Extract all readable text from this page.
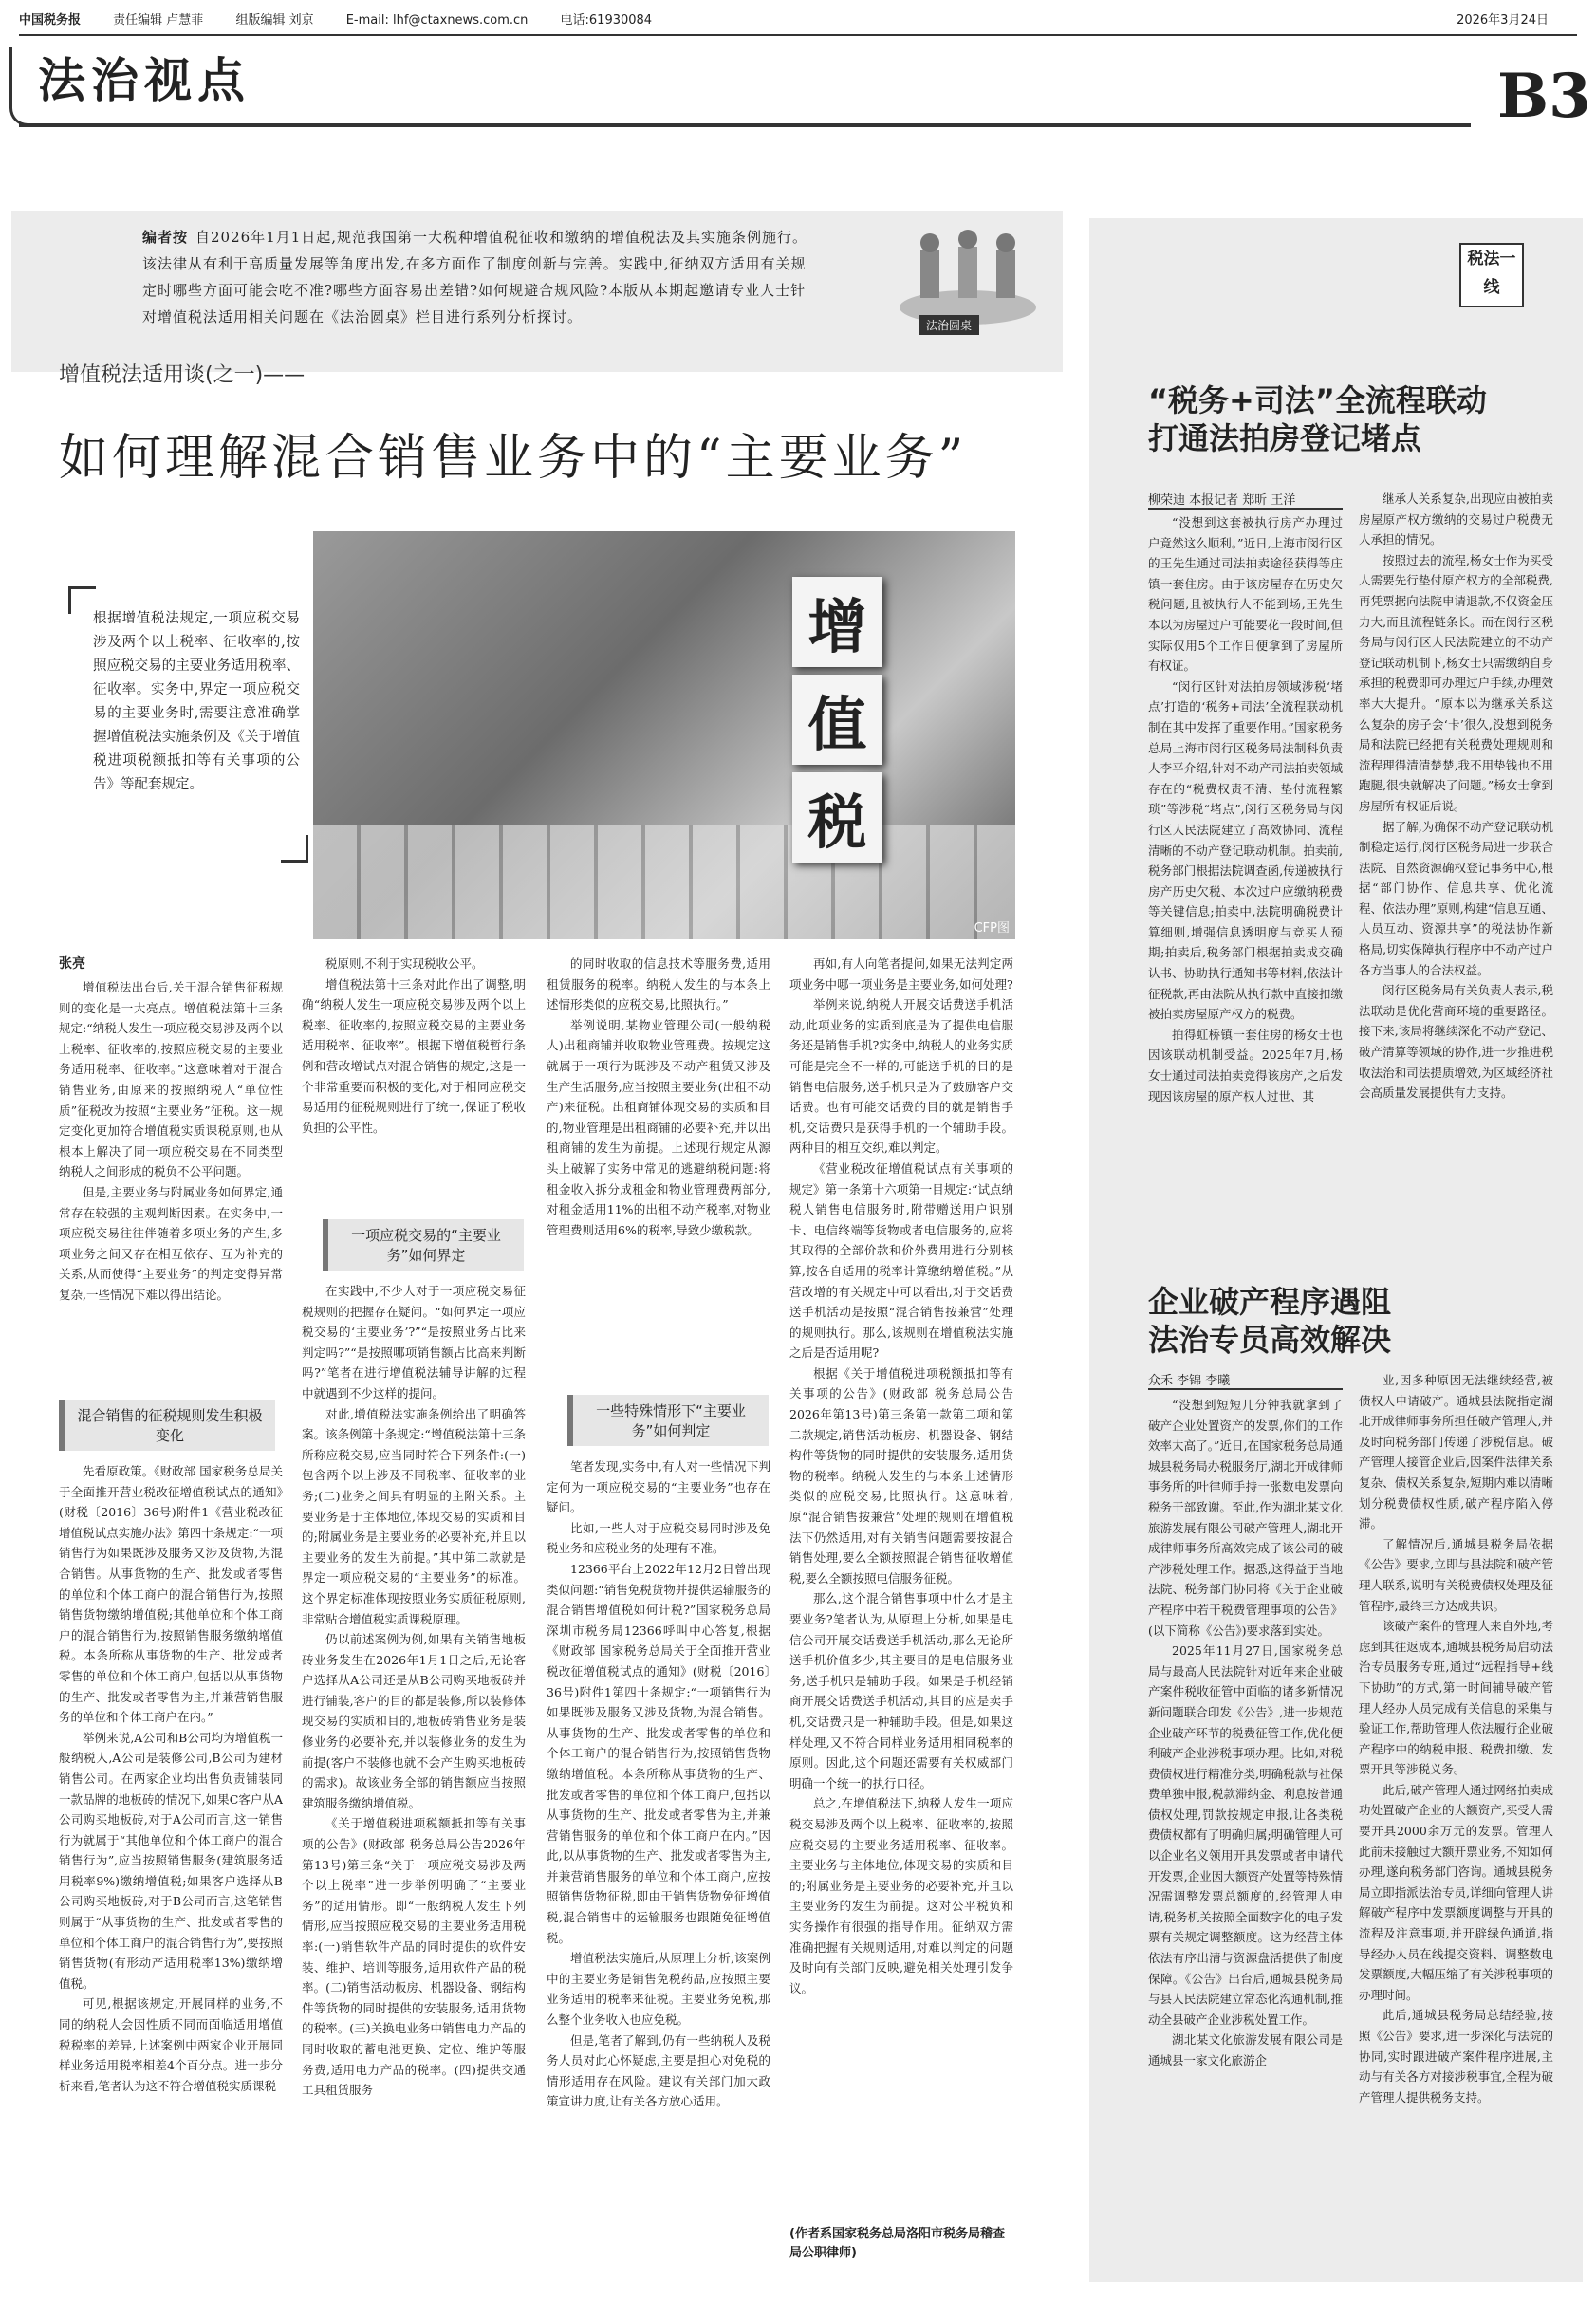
中国税务报	责任编辑 卢慧菲	组版编辑 刘京	E-mail: lhf@ctaxnews.com.cn	电话:61930084	2026年3月24日
法治视点	B3
编者按 自2026年1月1日起,规范我国第一大税种增值税征收和缴纳的增值税法及其实施条例施行。该法律从有利于高质量发展等角度出发,在多方面作了制度创新与完善。实践中,征纳双方适用有关规定时哪些方面可能会吃不准?哪些方面容易出差错?如何规避合规风险?本版从本期起邀请专业人士针对增值税法适用相关问题在《法治圆桌》栏目进行系列分析探讨。	法治圆桌
增值税法适用谈(之一)——
如何理解混合销售业务中的“主要业务”
根据增值税法规定,一项应税交易涉及两个以上税率、征收率的,按照应税交易的主要业务适用税率、征收率。实务中,界定一项应税交易的主要业务时,需要注意准确掌握增值税法实施条例及《关于增值税进项税额抵扣等有关事项的公告》等配套规定。
增
值
税
CFP图
张亮

增值税法出台后,关于混合销售征税规则的变化是一大亮点。增值税法第十三条规定:“纳税人发生一项应税交易涉及两个以上税率、征收率的,按照应税交易的主要业务适用税率、征收率。”这意味着对于混合销售业务,由原来的按照纳税人“单位性质”征税改为按照“主要业务”征税。这一规定变化更加符合增值税实质课税原则,也从根本上解决了同一项应税交易在不同类型纳税人之间形成的税负不公平问题。

但是,主要业务与附属业务如何界定,通常存在较强的主观判断因素。在实务中,一项应税交易往往伴随着多项业务的产生,多项业务之间又存在相互依存、互为补充的关系,从而使得“主要业务”的判定变得异常复杂,一些情况下难以得出结论。

混合销售的征税规则发生积极变化

先看原政策。《财政部 国家税务总局关于全面推开营业税改征增值税试点的通知》(财税〔2016〕36号)附件1《营业税改征增值税试点实施办法》第四十条规定:“一项销售行为如果既涉及服务又涉及货物,为混合销售。从事货物的生产、批发或者零售的单位和个体工商户的混合销售行为,按照销售货物缴纳增值税;其他单位和个体工商户的混合销售行为,按照销售服务缴纳增值税。本条所称从事货物的生产、批发或者零售的单位和个体工商户,包括以从事货物的生产、批发或者零售为主,并兼营销售服务的单位和个体工商户在内。”

举例来说,A公司和B公司均为增值税一般纳税人,A公司是装修公司,B公司为建材销售公司。在两家企业均出售负责铺装同一款品牌的地板砖的情况下,如果C客户从A公司购买地板砖,对于A公司而言,这一销售行为就属于“其他单位和个体工商户的混合销售行为”,应当按照销售服务(建筑服务适用税率9%)缴纳增值税;如果客户选择从B公司购买地板砖,对于B公司而言,这笔销售则属于“从事货物的生产、批发或者零售的单位和个体工商户的混合销售行为”,要按照销售货物(有形动产适用税率13%)缴纳增值税。

可见,根据该规定,开展同样的业务,不同的纳税人会因性质不同而面临适用增值税税率的差异,上述案例中两家企业开展同样业务适用税率相差4个百分点。进一步分析来看,笔者认为这不符合增值税实质课税

税原则,不利于实现税收公平。

增值税法第十三条对此作出了调整,明确“纳税人发生一项应税交易涉及两个以上税率、征收率的,按照应税交易的主要业务适用税率、征收率”。根据下增值税暂行条例和营改增试点对混合销售的规定,这是一个非常重要而积极的变化,对于相同应税交易适用的征税规则进行了统一,保证了税收负担的公平性。

一项应税交易的“主要业务”如何界定

在实践中,不少人对于一项应税交易征税规则的把握存在疑问。“如何界定一项应税交易的‘主要业务’?”“是按照业务占比来判定吗?”“是按照哪项销售额占比高来判断吗?”笔者在进行增值税法辅导讲解的过程中就遇到不少这样的提问。

对此,增值税法实施条例给出了明确答案。该条例第十条规定:“增值税法第十三条所称应税交易,应当同时符合下列条件:(一)包含两个以上涉及不同税率、征收率的业务;(二)业务之间具有明显的主附关系。主要业务是于主体地位,体现交易的实质和目的;附属业务是主要业务的必要补充,并且以主要业务的发生为前提。”其中第二款就是界定一项应税交易的“主要业务”的标准。这个界定标准体现按照业务实质征税原则,非常贴合增值税实质课税原理。

仍以前述案例为例,如果有关销售地板砖业务发生在2026年1月1日之后,无论客户选择从A公司还是从B公司购买地板砖并进行铺装,客户的目的都是装修,所以装修体现交易的实质和目的,地板砖销售业务是装修业务的必要补充,并以装修业务的发生为前提(客户不装修也就不会产生购买地板砖的需求)。故该业务全部的销售额应当按照建筑服务缴纳增值税。

《关于增值税进项税额抵扣等有关事项的公告》(财政部 税务总局公告2026年第13号)第三条“关于一项应税交易涉及两个以上税率”进一步举例明确了“主要业务”的适用情形。即“一般纳税人发生下列情形,应当按照应税交易的主要业务适用税率:(一)销售软件产品的同时提供的软件安装、维护、培训等服务,适用软件产品的税率。(二)销售活动板房、机器设备、钢结构件等货物的同时提供的安装服务,适用货物的税率。(三)关换电业务中销售电力产品的同时收取的蓄电池更换、定位、维护等服务费,适用电力产品的税率。(四)提供交通工具租赁服务

的同时收取的信息技术等服务费,适用租赁服务的税率。纳税人发生的与本条上述情形类似的应税交易,比照执行。”

举例说明,某物业管理公司(一般纳税人)出租商铺并收取物业管理费。按规定这就属于一项行为既涉及不动产租赁又涉及生产生活服务,应当按照主要业务(出租不动产)来征税。出租商铺体现交易的实质和目的,物业管理是出租商铺的必要补充,并以出租商铺的发生为前提。上述现行规定从源头上破解了实务中常见的逃避纳税问题:将租金收入拆分成租金和物业管理费两部分,对租金适用11%的出租不动产税率,对物业管理费则适用6%的税率,导致少缴税款。

一些特殊情形下“主要业务”如何判定

笔者发现,实务中,有人对一些情况下判定何为一项应税交易的“主要业务”也存在疑问。

比如,一些人对于应税交易同时涉及免税业务和应税业务的处理有不准。

12366平台上2022年12月2日曾出现类似问题:“销售免税货物并提供运输服务的混合销售增值税如何计税?”国家税务总局深圳市税务局12366呼叫中心答复,根据《财政部 国家税务总局关于全面推开营业税改征增值税试点的通知》(财税〔2016〕36号)附件1第四十条规定:“一项销售行为如果既涉及服务又涉及货物,为混合销售。从事货物的生产、批发或者零售的单位和个体工商户的混合销售行为,按照销售货物缴纳增值税。本条所称从事货物的生产、批发或者零售的单位和个体工商户,包括以从事货物的生产、批发或者零售为主,并兼营销售服务的单位和个体工商户在内。”因此,以从事货物的生产、批发或者零售为主,并兼营销售服务的单位和个体工商户,应按照销售货物征税,即由于销售货物免征增值税,混合销售中的运输服务也跟随免征增值税。

增值税法实施后,从原理上分析,该案例中的主要业务是销售免税药品,应按照主要业务适用的税率来征税。主要业务免税,那么整个业务收入也应免税。

但是,笔者了解到,仍有一些纳税人及税务人员对此心怀疑虑,主要是担心对免税的情形适用存在风险。建议有关部门加大政策宣讲力度,让有关各方放心适用。

再如,有人向笔者提问,如果无法判定两项业务中哪一项业务是主要业务,如何处理?

举例来说,纳税人开展交话费送手机活动,此项业务的实质到底是为了提供电信服务还是销售手机?实务中,纳税人的业务实质可能是完全不一样的,可能送手机的目的是销售电信服务,送手机只是为了鼓励客户交话费。也有可能交话费的目的就是销售手机,交话费只是获得手机的一个辅助手段。两种目的相互交织,难以判定。

《营业税改征增值税试点有关事项的规定》第一条第十六项第一目规定:“试点纳税人销售电信服务时,附带赠送用户识别卡、电信终端等货物或者电信服务的,应将其取得的全部价款和价外费用进行分别核算,按各自适用的税率计算缴纳增值税。”从营改增的有关规定中可以看出,对于交话费送手机活动是按照“混合销售按兼营”处理的规则执行。那么,该规则在增值税法实施之后是否适用呢?

根据《关于增值税进项税额抵扣等有关事项的公告》(财政部 税务总局公告2026年第13号)第三条第一款第二项和第二款规定,销售活动板房、机器设备、钢结构件等货物的同时提供的安装服务,适用货物的税率。纳税人发生的与本条上述情形类似的应税交易,比照执行。这意味着,原“混合销售按兼营”处理的规则在增值税法下仍然适用,对有关销售问题需要按混合销售处理,要么全额按照混合销售征收增值税,要么全额按照电信服务征税。

那么,这个混合销售事项中什么才是主要业务?笔者认为,从原理上分析,如果是电信公司开展交话费送手机活动,那么无论所送手机价值多少,其主要目的是电信服务业务,送手机只是辅助手段。如果是手机经销商开展交话费送手机活动,其目的应是卖手机,交话费只是一种辅助手段。但是,如果这样处理,又不符合同样业务适用相同税率的原则。因此,这个问题还需要有关权威部门明确一个统一的执行口径。

总之,在增值税法下,纳税人发生一项应税交易涉及两个以上税率、征收率的,按照应税交易的主要业务适用税率、征收率。主要业务与主体地位,体现交易的实质和目的;附属业务是主要业务的必要补充,并且以主要业务的发生为前提。这对公平税负和实务操作有很强的指导作用。征纳双方需准确把握有关规则适用,对难以判定的问题及时向有关部门反映,避免相关处理引发争议。

(作者系国家税务总局洛阳市税务局稽查局公职律师)
税法一线
“税务+司法”全流程联动
打通法拍房登记堵点
柳荣迪 本报记者 郑昕 王洋

“没想到这套被执行房产办理过户竟然这么顺利。”近日,上海市闵行区的王先生通过司法拍卖途径获得等庄镇一套住房。由于该房屋存在历史欠税问题,且被执行人不能到场,王先生本以为房屋过户可能要花一段时间,但实际仅用5个工作日便拿到了房屋所有权证。

“闵行区针对法拍房领域涉税‘堵点’打造的‘税务+司法’全流程联动机制在其中发挥了重要作用。”国家税务总局上海市闵行区税务局法制科负责人李平介绍,针对不动产司法拍卖领域存在的“税费权责不清、垫付流程繁琐”等涉税“堵点”,闵行区税务局与闵行区人民法院建立了高效协同、流程清晰的不动产登记联动机制。拍卖前,税务部门根据法院调查函,传递被执行房产历史欠税、本次过户应缴纳税费等关键信息;拍卖中,法院明确税费计算细则,增强信息透明度与竞买人预期;拍卖后,税务部门根据拍卖成交确认书、协助执行通知书等材料,依法计征税款,再由法院从执行款中直接扣缴被拍卖房屋原产权方的税费。

拍得虹桥镇一套住房的杨女士也因该联动机制受益。2025年7月,杨女士通过司法拍卖竞得该房产,之后发现因该房屋的原产权人过世、其

继承人关系复杂,出现应由被拍卖房屋原产权方缴纳的交易过户税费无人承担的情况。

按照过去的流程,杨女士作为买受人需要先行垫付原产权方的全部税费,再凭票据向法院申请退款,不仅资金压力大,而且流程链条长。而在闵行区税务局与闵行区人民法院建立的不动产登记联动机制下,杨女士只需缴纳自身承担的税费即可办理过户手续,办理效率大大提升。“原本以为继承关系这么复杂的房子会‘卡’很久,没想到税务局和法院已经把有关税费处理规则和流程理得清清楚楚,我不用垫钱也不用跑腿,很快就解决了问题。”杨女士拿到房屋所有权证后说。

据了解,为确保不动产登记联动机制稳定运行,闵行区税务局进一步联合法院、自然资源确权登记事务中心,根据“部门协作、信息共享、优化流程、依法办理”原则,构建“信息互通、人员互动、资源共享”的税法协作新格局,切实保障执行程序中不动产过户各方当事人的合法权益。

闵行区税务局有关负责人表示,税法联动是优化营商环境的重要路径。接下来,该局将继续深化不动产登记、破产清算等领域的协作,进一步推进税收法治和司法提质增效,为区域经济社会高质量发展提供有力支持。

企业破产程序遇阻
法治专员高效解决
众禾 李锦 李曦

“没想到短短几分钟我就拿到了破产企业处置资产的发票,你们的工作效率太高了。”近日,在国家税务总局通城县税务局办税服务厅,湖北开成律师事务所的叶律师手持一张数电发票向税务干部致谢。至此,作为湖北某文化旅游发展有限公司破产管理人,湖北开成律师事务所高效完成了该公司的破产涉税处理工作。据悉,这得益于当地法院、税务部门协同将《关于企业破产程序中若干税费管理事项的公告》(以下简称《公告》)要求落到实处。

2025年11月27日,国家税务总局与最高人民法院针对近年来企业破产案件税收征管中面临的诸多新情况新问题联合印发《公告》,进一步规范企业破产环节的税费征管工作,优化便利破产企业涉税事项办理。比如,对税费债权进行精准分类,明确税款与社保费单独申报,税款滞纳金、利息按普通债权处理,罚款按规定申报,让各类税费债权都有了明确归属;明确管理人可以企业名义领用开具发票或者申请代开发票,企业因大额资产处置等特殊情况需调整发票总额度的,经管理人申请,税务机关按照全面数字化的电子发票有关规定调整额度。这为经营主体依法有序出清与资源盘活提供了制度保障。《公告》出台后,通城县税务局与县人民法院建立常态化沟通机制,推动全县破产企业涉税处置工作。

湖北某文化旅游发展有限公司是通城县一家文化旅游企

业,因多种原因无法继续经营,被债权人申请破产。通城县法院指定湖北开成律师事务所担任破产管理人,并及时向税务部门传递了涉税信息。破产管理人接管企业后,因案件法律关系复杂、债权关系复杂,短期内难以清晰划分税费债权性质,破产程序陷入停滞。

了解情况后,通城县税务局依据《公告》要求,立即与县法院和破产管理人联系,说明有关税费债权处理及征管程序,最终三方达成共识。

该破产案件的管理人来自外地,考虑到其往返成本,通城县税务局启动法治专员服务专班,通过“远程指导+线下协助”的方式,第一时间辅导破产管理人经办人员完成有关信息的采集与验证工作,帮助管理人依法履行企业破产程序中的纳税申报、税费扣缴、发票开具等涉税义务。

此后,破产管理人通过网络拍卖成功处置破产企业的大额资产,买受人需要开具2000余万元的发票。管理人此前未接触过大额开票业务,不知如何办理,遂向税务部门咨询。通城县税务局立即指派法治专员,详细向管理人讲解破产程序中发票额度调整与开具的流程及注意事项,并开辟绿色通道,指导经办人员在线提交资料、调整数电发票额度,大幅压缩了有关涉税事项的办理时间。

此后,通城县税务局总结经验,按照《公告》要求,进一步深化与法院的协同,实时跟进破产案件程序进展,主动与有关各方对接涉税事宜,全程为破产管理人提供税务支持。
